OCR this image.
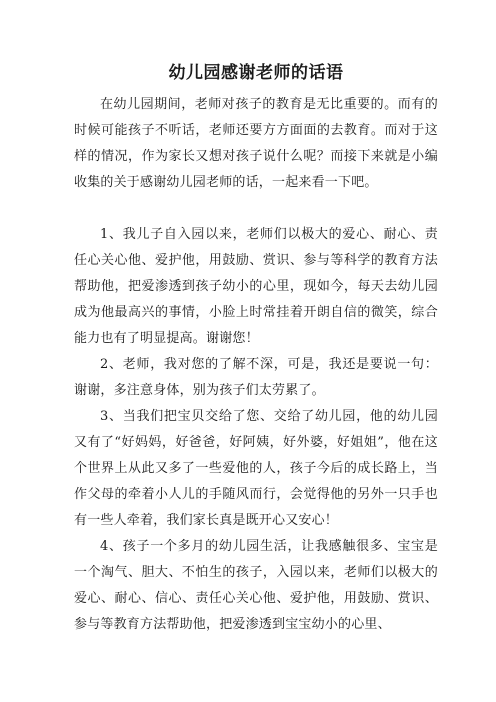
幼儿园感谢老师的话语

在幼儿园期间，老师对孩子的教育是无比重要的。而有的时候可能孩子不听话，老师还要方方面面的去教育。而对于这样的情况，作为家长又想对孩子说什么呢？而接下来就是小编收集的关于感谢幼儿园老师的话，一起来看一下吧。

1、我儿子自入园以来，老师们以极大的爱心、耐心、责任心关心他、爱护他，用鼓励、赏识、参与等科学的教育方法帮助他，把爱渗透到孩子幼小的心里，现如今，每天去幼儿园成为他最高兴的事情，小脸上时常挂着开朗自信的微笑，综合能力也有了明显提高。谢谢您！

2、老师，我对您的了解不深，可是，我还是要说一句：谢谢，多注意身体，别为孩子们太劳累了。

3、当我们把宝贝交给了您、交给了幼儿园，他的幼儿园又有了“好妈妈，好爸爸，好阿姨，好外婆，好姐姐”，他在这个世界上从此又多了一些爱他的人，孩子今后的成长路上，当作父母的牵着小人儿的手随风而行，会觉得他的另外一只手也有一些人牵着，我们家长真是既开心又安心！

4、孩子一个多月的幼儿园生活，让我感触很多、宝宝是一个淘气、胆大、不怕生的孩子，入园以来，老师们以极大的爱心、耐心、信心、责任心关心他、爱护他，用鼓励、赏识、参与等教育方法帮助他，把爱渗透到宝宝幼小的心里、
